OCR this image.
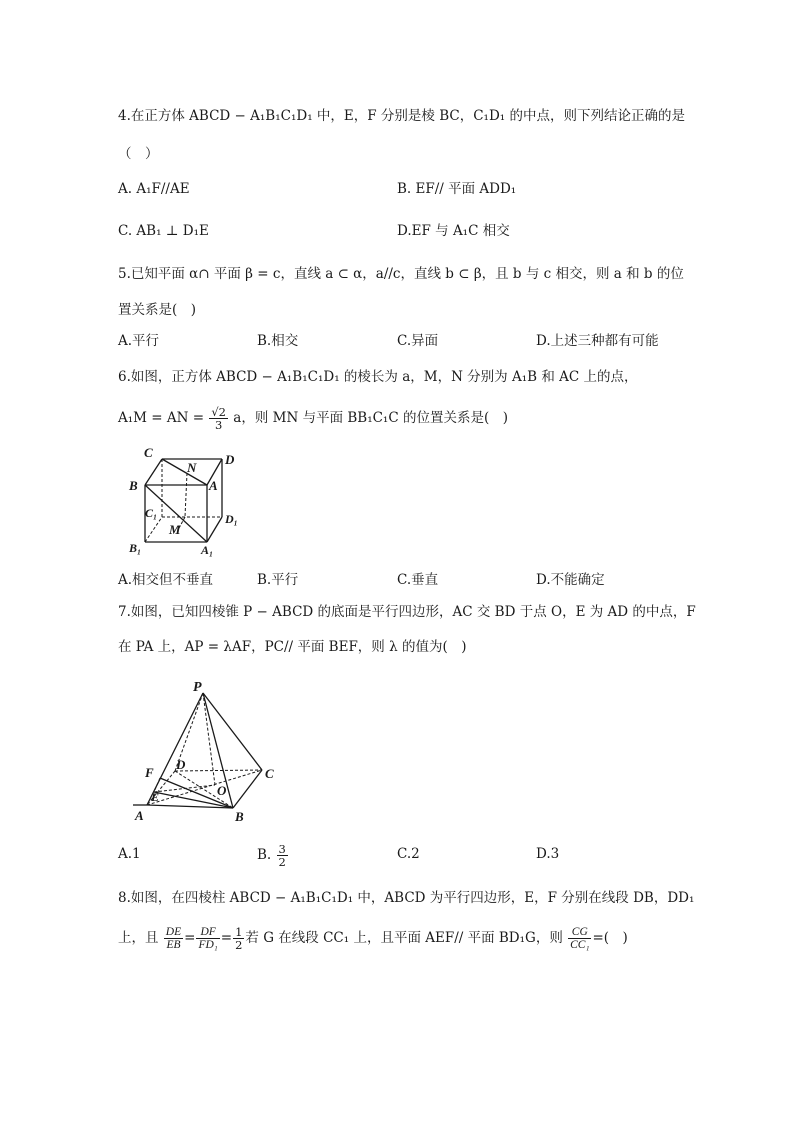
4.在正方体 ABCD − A₁B₁C₁D₁ 中，E，F 分别是棱 BC，C₁D₁ 的中点，则下列结论正确的是
（　）
A. A₁F//AE	B. EF// 平面 ADD₁
C. AB₁ ⊥ D₁E	D.EF 与 A₁C 相交
5.已知平面 α∩ 平面 β = c，直线 a ⊂ α，a//c，直线 b ⊂ β，且 b 与 c 相交，则 a 和 b 的位
置关系是(　)
A.平行	B.相交	C.异面	D.上述三种都有可能
6.如图，正方体 ABCD − A₁B₁C₁D₁ 的棱长为 a，M，N 分别为 A₁B 和 AC 上的点，
A₁M = AN = $\frac{√2}{3}$ a，则 MN 与平面 BB₁C₁C 的位置关系是(　)
C
N
D
B	A
C₁
M
D₁
B₁	A₁
A.相交但不垂直	B.平行	C.垂直	D.不能确定
7.如图，已知四棱锥 P − ABCD 的底面是平行四边形，AC 交 BD 于点 O，E 为 AD 的中点，F
在 PA 上，AP = λAF，PC// 平面 BEF，则 λ 的值为(　)
P
D
F
E	O
C
A	B
A.1	B. $\frac{3}{2}$	C.2	D.3
8.如图，在四棱柱 ABCD − A₁B₁C₁D₁ 中，ABCD 为平行四边形，E，F 分别在线段 DB，DD₁
上，且 $\frac{DE}{EB} = \frac{DF}{\text{FD₁}} = \frac{1}{2}$ 若 G 在线段 CC₁ 上，且平面 AEF// 平面 BD₁G，则 $\frac{CG}{\text{CC₁}}$ =(　)
